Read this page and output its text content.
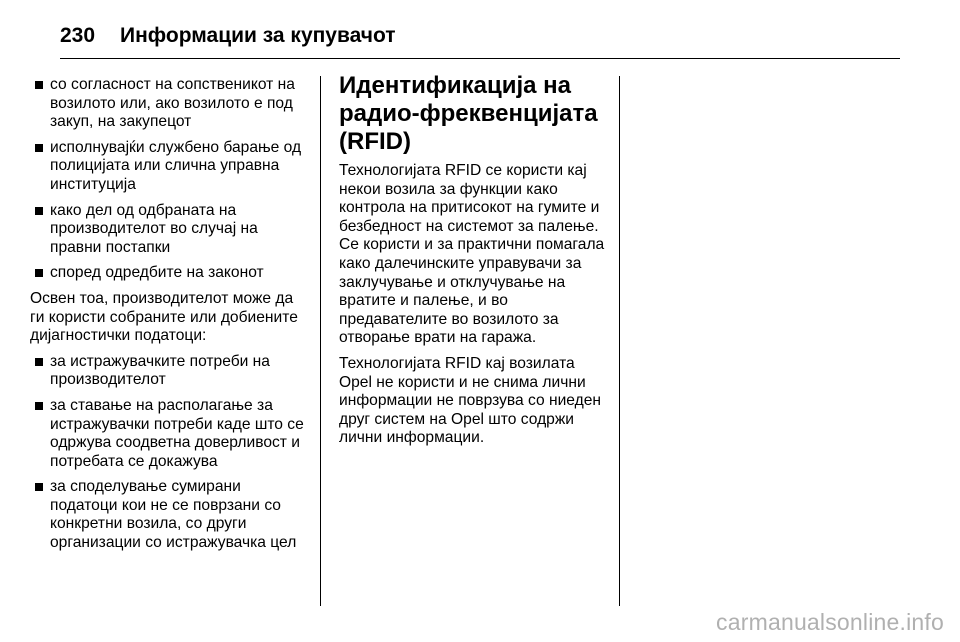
230	Информации за купувачот
со согласност на сопственикот на возилото или, ако возилото е под закуп, на закупецот
исполнувајќи службено барање од полицијата или слична управна институција
како дел од одбраната на производителот во случај на правни постапки
според одредбите на законот

Освен тоа, производителот може да ги користи собраните или добиените дијагностички податоци:

за истражувачките потреби на производителот
за ставање на располагање за истражувачки потреби каде што се одржува соодветна доверливост и потребата се докажува
за споделување сумирани податоци кои не се поврзани со конкретни возила, со други организации со истражувачка цел
Идентификација на радио-фреквенцијата (RFID)

Технологијата RFID се користи кај некои возила за функции како контрола на притисокот на гумите и безбедност на системот за палење. Се користи и за практични помагала како далечинските управувачи за заклучување и отклучување на вратите и палење, и во предавателите во возилото за отворање врати на гаража.

Технологијата RFID кај возилата Opel не користи и не снима лични информации не поврзува со ниеден друг систем на Opel што содржи лични информации.

carmanualsonline.info
